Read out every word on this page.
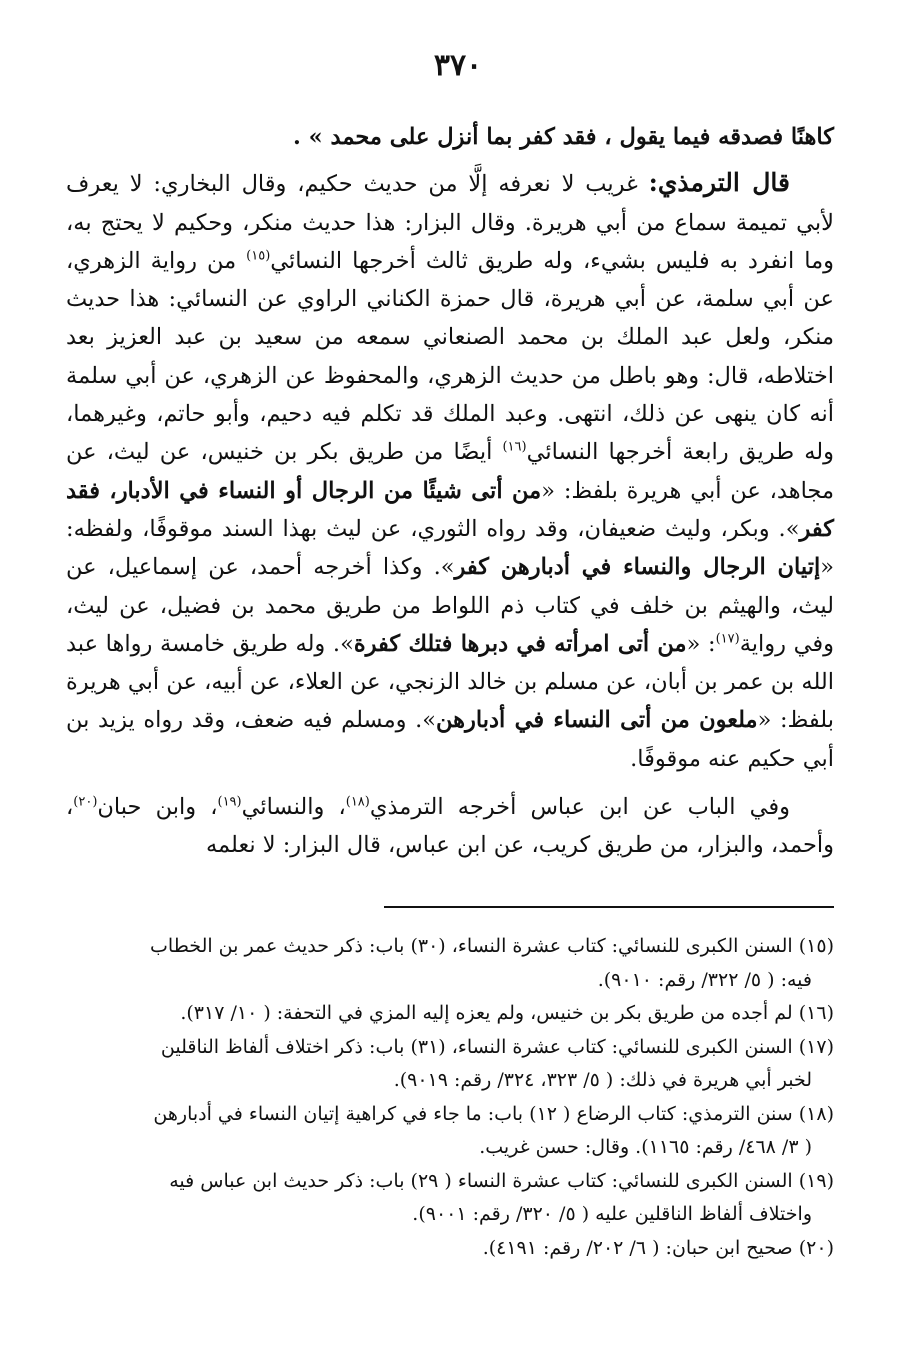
٣٧٠

كاهنًا فصدقه فيما يقول ، فقد كفر بما أنزل على محمد » .

قال الترمذي: غريب لا نعرفه إلَّا من حديث حكيم، وقال البخاري: لا يعرف لأبي تميمة سماع من أبي هريرة. وقال البزار: هذا حديث منكر، وحكيم لا يحتج به، وما انفرد به فليس بشيء، وله طريق ثالث أخرجها النسائي$^{(١٥)}$ من رواية الزهري، عن أبي سلمة، عن أبي هريرة، قال حمزة الكناني الراوي عن النسائي: هذا حديث منكر، ولعل عبد الملك بن محمد الصنعاني سمعه من سعيد بن عبد العزيز بعد اختلاطه، قال: وهو باطل من حديث الزهري، والمحفوظ عن الزهري، عن أبي سلمة أنه كان ينهى عن ذلك، انتهى. وعبد الملك قد تكلم فيه دحيم، وأبو حاتم، وغيرهما، وله طريق رابعة أخرجها النسائي$^{(١٦)}$ أيضًا من طريق بكر بن خنيس، عن ليث، عن مجاهد، عن أبي هريرة بلفظ: «من أتى شيئًا من الرجال أو النساء في الأدبار، فقد كفر». وبكر، وليث ضعيفان، وقد رواه الثوري، عن ليث بهذا السند موقوفًا، ولفظه: «إتيان الرجال والنساء في أدبارهن كفر». وكذا أخرجه أحمد، عن إسماعيل، عن ليث، والهيثم بن خلف في كتاب ذم اللواط من طريق محمد بن فضيل، عن ليث، وفي رواية$^{(١٧)}$: «من أتى امرأته في دبرها فتلك كفرة». وله طريق خامسة رواها عبد الله بن عمر بن أبان، عن مسلم بن خالد الزنجي، عن العلاء، عن أبيه، عن أبي هريرة بلفظ: «ملعون من أتى النساء في أدبارهن». ومسلم فيه ضعف، وقد رواه يزيد بن أبي حكيم عنه موقوفًا.

وفي الباب عن ابن عباس أخرجه الترمذي$^{(١٨)}$، والنسائي$^{(١٩)}$، وابن حبان$^{(٢٠)}$، وأحمد، والبزار، من طريق كريب، عن ابن عباس، قال البزار: لا نعلمه

(١٥) السنن الكبرى للنسائي: كتاب عشرة النساء، (٣٠) باب: ذكر حديث عمر بن الخطاب
فيه: ( ٥/ ٣٢٢/ رقم: ٩٠١٠).

(١٦) لم أجده من طريق بكر بن خنيس، ولم يعزه إليه المزي في التحفة: ( ١٠/ ٣١٧).

(١٧) السنن الكبرى للنسائي: كتاب عشرة النساء، (٣١) باب: ذكر اختلاف ألفاظ الناقلين
لخبر أبي هريرة في ذلك: ( ٥/ ٣٢٣، ٣٢٤/ رقم: ٩٠١٩).

(١٨) سنن الترمذي: كتاب الرضاع ( ١٢) باب: ما جاء في كراهية إتيان النساء في أدبارهن
( ٣/ ٤٦٨/ رقم: ١١٦٥). وقال: حسن غريب.

(١٩) السنن الكبرى للنسائي: كتاب عشرة النساء ( ٢٩) باب: ذكر حديث ابن عباس فيه
واختلاف ألفاظ الناقلين عليه ( ٥/ ٣٢٠/ رقم: ٩٠٠١).

(٢٠) صحيح ابن حبان: ( ٦/ ٢٠٢/ رقم: ٤١٩١).
